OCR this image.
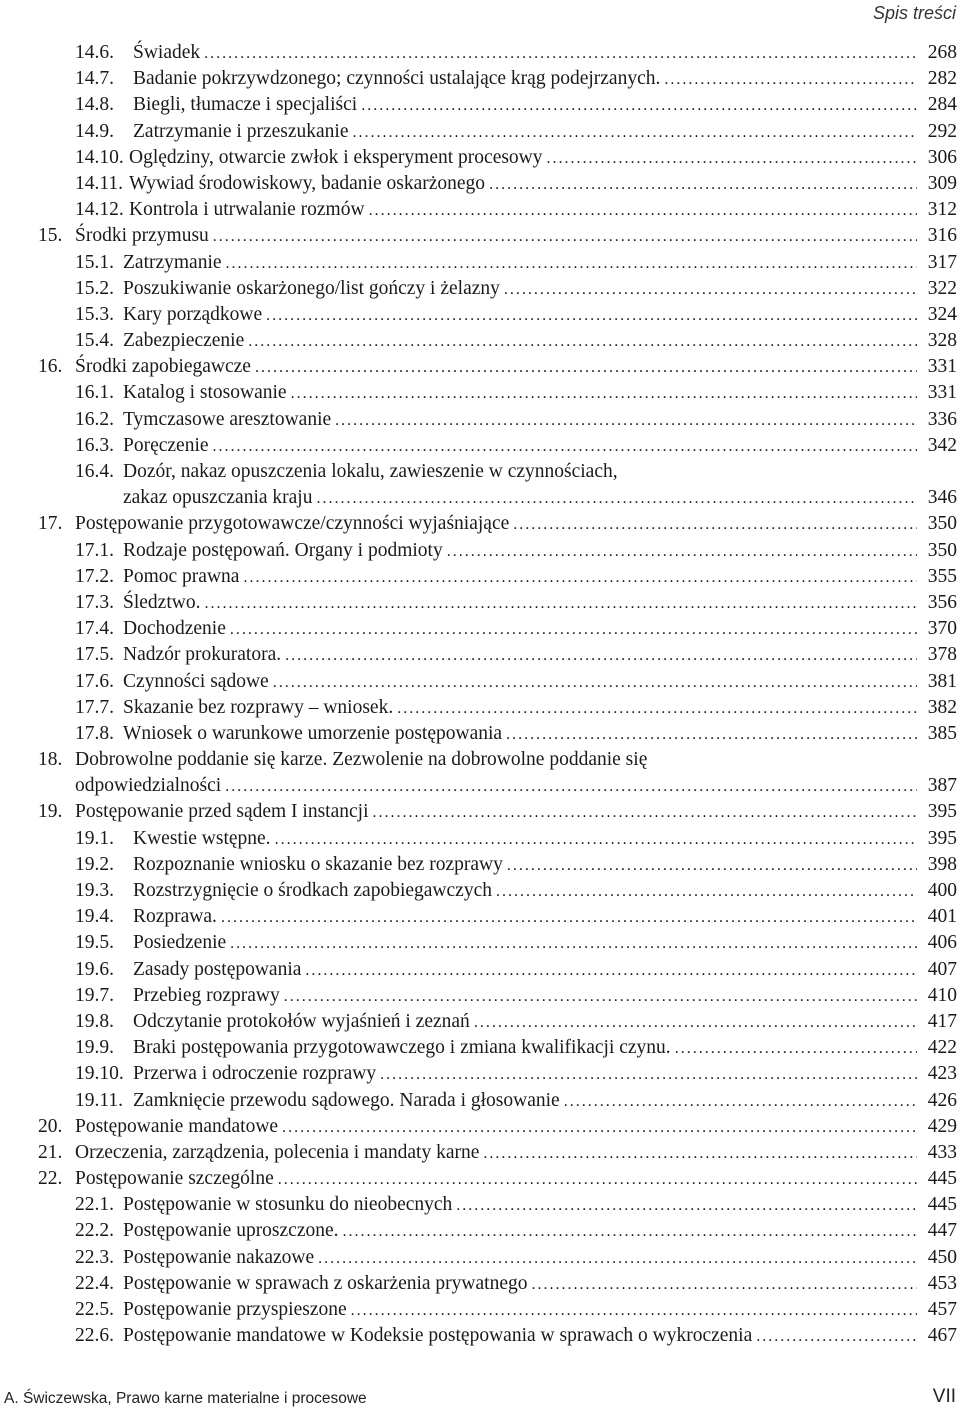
Spis treści
14.6. Świadek . . .	268
14.7. Badanie pokrzywdzonego; czynności ustalające krąg podejrzanych. . . .	282
14.8. Biegli, tłumacze i specjaliści . . .	284
14.9. Zatrzymanie i przeszukanie . . .	292
14.10. Oględziny, otwarcie zwłok i eksperyment procesowy . . .	306
14.11. Wywiad środowiskowy, badanie oskarżonego . . .	309
14.12. Kontrola i utrwalanie rozmów . . .	312
15. Środki przymusu . . .	316
15.1. Zatrzymanie . . .	317
15.2. Poszukiwanie oskarżonego/list gończy i żelazny . . .	322
15.3. Kary porządkowe . . .	324
15.4. Zabezpieczenie . . .	328
16. Środki zapobiegawcze . . .	331
16.1. Katalog i stosowanie . . .	331
16.2. Tymczasowe aresztowanie . . .	336
16.3. Poręczenie . . .	342
16.4. Dozór, nakaz opuszczenia lokalu, zawieszenie w czynnościach,
zakaz opuszczania kraju . . .	346
17. Postępowanie przygotowawcze/czynności wyjaśniające . . .	350
17.1. Rodzaje postępowań. Organy i podmioty . . .	350
17.2. Pomoc prawna . . .	355
17.3. Śledztwo. . . .	356
17.4. Dochodzenie . . .	370
17.5. Nadzór prokuratora. . . .	378
17.6. Czynności sądowe . . .	381
17.7. Skazanie bez rozprawy – wniosek. . . .	382
17.8. Wniosek o warunkowe umorzenie postępowania . . .	385
18. Dobrowolne poddanie się karze. Zezwolenie na dobrowolne poddanie się
odpowiedzialności . . .	387
19. Postępowanie przed sądem I instancji . . .	395
19.1. Kwestie wstępne. . . .	395
19.2. Rozpoznanie wniosku o skazanie bez rozprawy . . .	398
19.3. Rozstrzygnięcie o środkach zapobiegawczych . . .	400
19.4. Rozprawa. . . .	401
19.5. Posiedzenie . . .	406
19.6. Zasady postępowania . . .	407
19.7. Przebieg rozprawy . . .	410
19.8. Odczytanie protokołów wyjaśnień i zeznań . . .	417
19.9. Braki postępowania przygotowawczego i zmiana kwalifikacji czynu. . . .	422
19.10. Przerwa i odroczenie rozprawy . . .	423
19.11. Zamknięcie przewodu sądowego. Narada i głosowanie . . .	426
20. Postępowanie mandatowe . . .	429
21. Orzeczenia, zarządzenia, polecenia i mandaty karne . . .	433
22. Postępowanie szczególne . . .	445
22.1. Postępowanie w stosunku do nieobecnych . . .	445
22.2. Postępowanie uproszczone. . . .	447
22.3. Postępowanie nakazowe . . .	450
22.4. Postępowanie w sprawach z oskarżenia prywatnego . . .	453
22.5. Postępowanie przyspieszone . . .	457
22.6. Postępowanie mandatowe w Kodeksie postępowania w sprawach o wykroczenia . . .	467
A. Świczewska, Prawo karne materialne i procesowe	VII
